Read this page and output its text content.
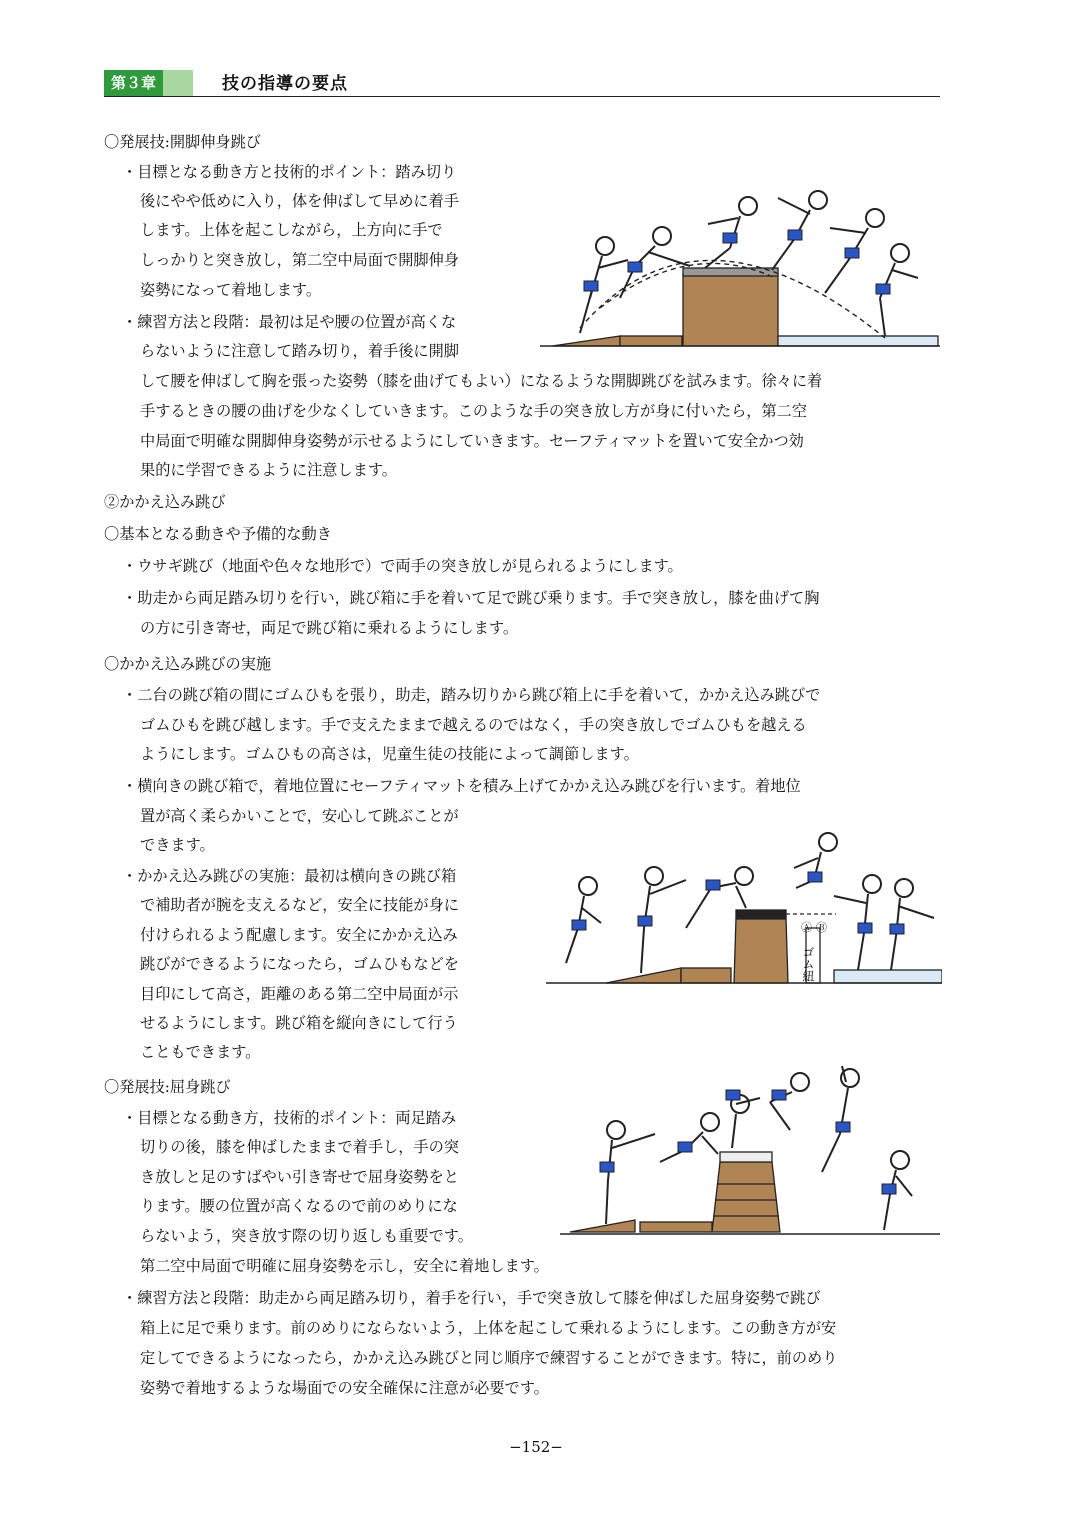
第３章	技の指導の要点
〇発展技:開脚伸身跳び
・目標となる動き方と技術的ポイント：踏み切り
後にやや低めに入り，体を伸ばして早めに着手
します。上体を起こしながら，上方向に手で
しっかりと突き放し，第二空中局面で開脚伸身
姿勢になって着地します。
・練習方法と段階：最初は足や腰の位置が高くな
らないように注意して踏み切り，着手後に開脚
して腰を伸ばして胸を張った姿勢（膝を曲げてもよい）になるような開脚跳びを試みます。徐々に着
手するときの腰の曲げを少なくしていきます。このような手の突き放し方が身に付いたら，第二空
中局面で明確な開脚伸身姿勢が示せるようにしていきます。セーフティマットを置いて安全かつ効
果的に学習できるように注意します。
②かかえ込み跳び
〇基本となる動きや予備的な動き
・ウサギ跳び（地面や色々な地形で）で両手の突き放しが見られるようにします。
・助走から両足踏み切りを行い，跳び箱に手を着いて足で跳び乗ります。手で突き放し，膝を曲げて胸
の方に引き寄せ，両足で跳び箱に乗れるようにします。
〇かかえ込み跳びの実施
・二台の跳び箱の間にゴムひもを張り，助走，踏み切りから跳び箱上に手を着いて，かかえ込み跳びで
ゴムひもを跳び越します。手で支えたままで越えるのではなく，手の突き放しでゴムひもを越える
ようにします。ゴムひもの高さは，児童生徒の技能によって調節します。
・横向きの跳び箱で，着地位置にセーフティマットを積み上げてかかえ込み跳びを行います。着地位
置が高く柔らかいことで，安心して跳ぶことが
できます。
・かかえ込み跳びの実施：最初は横向きの跳び箱
で補助者が腕を支えるなど，安全に技能が身に
付けられるよう配慮します。安全にかかえ込み
跳びができるようになったら，ゴムひもなどを
目印にして高さ，距離のある第二空中局面が示
せるようにします。跳び箱を縦向きにして行う
こともできます。
〇発展技:屈身跳び
・目標となる動き方，技術的ポイント：両足踏み
切りの後，膝を伸ばしたままで着手し，手の突
き放しと足のすばやい引き寄せで屈身姿勢をと
ります。腰の位置が高くなるので前のめりにな
らないよう，突き放す際の切り返しも重要です。
第二空中局面で明確に屈身姿勢を示し，安全に着地します。
・練習方法と段階：助走から両足踏み切り，着手を行い，手で突き放して膝を伸ばした屈身姿勢で跳び
箱上に足で乗ります。前のめりにならないよう，上体を起こして乗れるようにします。この動き方が安
定してできるようになったら，かかえ込み跳びと同じ順序で練習することができます。特に，前のめり
姿勢で着地するような場面での安全確保に注意が必要です。
Ⓐ Ⓑ
ゴム紐
−152−
